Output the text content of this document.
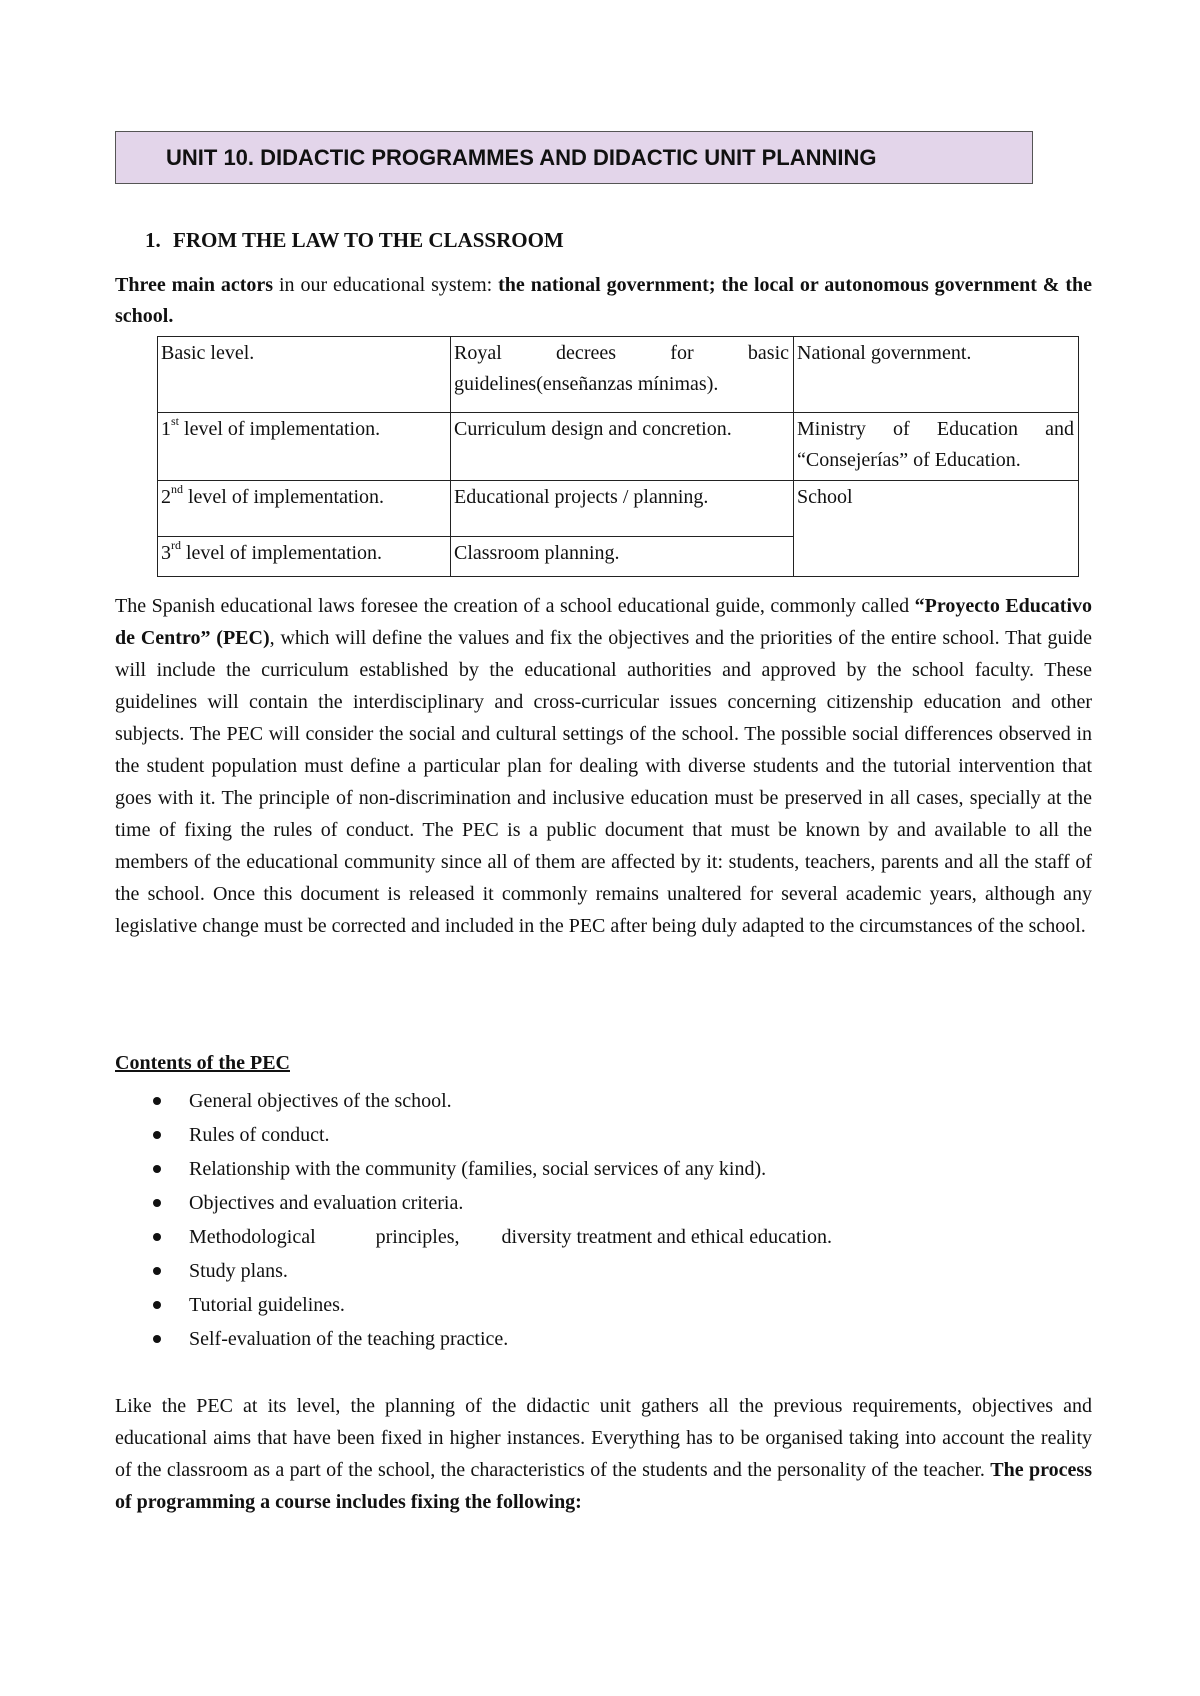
UNIT 10. DIDACTIC PROGRAMMES AND DIDACTIC UNIT PLANNING
1. FROM THE LAW TO THE CLASSROOM
Three main actors in our educational system: the national government; the local or autonomous government & the school.
Basic level.	Royal decrees for basic guidelines(enseñanzas mínimas).	National government.
1st level of implementation.	Curriculum design and concretion.	Ministry of Education and “Consejerías” of Education.
2nd level of implementation.	Educational projects / planning.	School
3rd level of implementation.	Classroom planning.	
The Spanish educational laws foresee the creation of a school educational guide, commonly called “Proyecto Educativo de Centro” (PEC), which will define the values and fix the objectives and the priorities of the entire school. That guide will include the curriculum established by the educational authorities and approved by the school faculty. These guidelines will contain the interdisciplinary and cross-curricular issues concerning citizenship education and other subjects. The PEC will consider the social and cultural settings of the school. The possible social differences observed in the student population must define a particular plan for dealing with diverse students and the tutorial intervention that goes with it. The principle of non-discrimination and inclusive education must be preserved in all cases, specially at the time of fixing the rules of conduct. The PEC is a public document that must be known by and available to all the members of the educational community since all of them are affected by it: students, teachers, parents and all the staff of the school. Once this document is released it commonly remains unaltered for several academic years, although any legislative change must be corrected and included in the PEC after being duly adapted to the circumstances of the school.
Contents of the PEC
General objectives of the school.
Rules of conduct.
Relationship with the community (families, social services of any kind).
Objectives and evaluation criteria.
Methodological	principles, diversity treatment and ethical education.
Study plans.
Tutorial guidelines.
Self-evaluation of the teaching practice.
Like the PEC at its level, the planning of the didactic unit gathers all the previous requirements, objectives and educational aims that have been fixed in higher instances. Everything has to be organised taking into account the reality of the classroom as a part of the school, the characteristics of the students and the personality of the teacher. The process of programming a course includes fixing the following:
